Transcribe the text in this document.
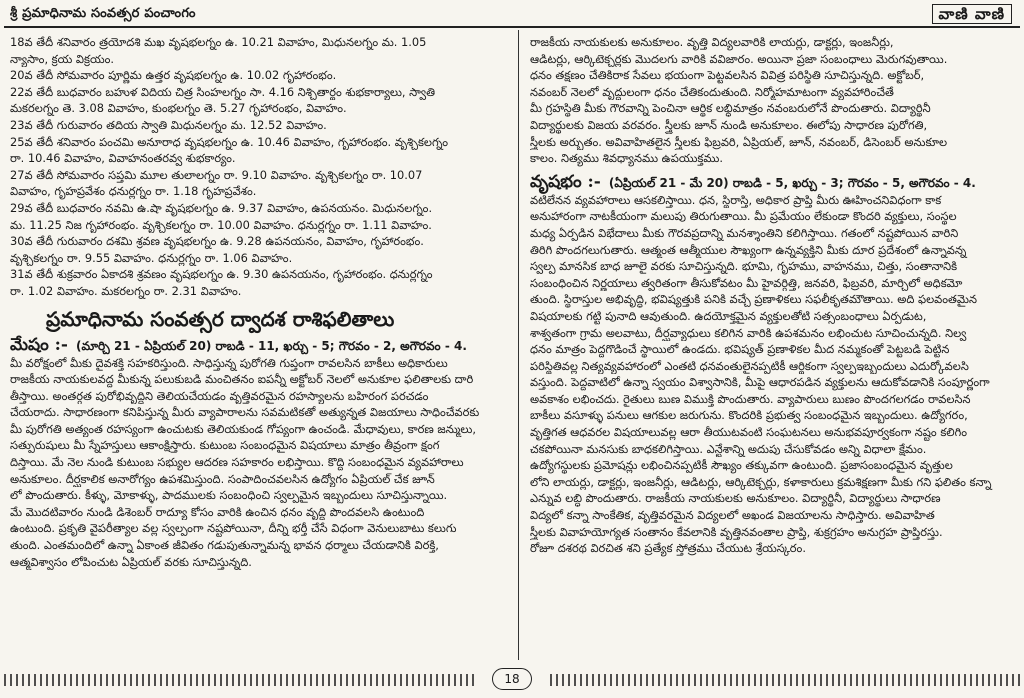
శ్రీ ప్రమాధినామ సంవత్సర పంచాంగం	వాణి వాణి
18వ తేదీ శనివారం త్రయోదశి మఖ వృషభలగ్నం ఉ. 10.21 వివాహం, మిధునలగ్నం మ. 1.05
న్యాసాం, క్రయ విక్రయం.
20వ తేదీ సోమవారం పూర్ణిమ ఉత్తర వృషభలగ్నం ఉ. 10.02 గృహారంభం.
22వ తేదీ బుధవారం బహుళ విదియ చిత్ర సింహలగ్నం సా. 4.16 నిశ్చితార్థం శుభకార్యాలు, స్వాతి
మకరలగ్నం తె. 3.08 వివాహం, కుంభలగ్నం తె. 5.27 గృహారంభం, వివాహం.
23వ తేదీ గురువారం తదియ స్వాతి మిధునలగ్నం మ. 12.52 వివాహం.
25వ తేదీ శనివారం పంచమి అనూరాధ వృషభలగ్నం ఉ. 10.46 వివాహం, గృహారంభం. వృశ్చికలగ్నం
రా. 10.46 వివాహం, వివాహనంతరవ్వ శుభకార్యం.
27వ తేదీ సోమవారం సప్తమి మూల తులాలగ్నం రా. 9.10 వివాహం. వృశ్చికలగ్నం రా. 10.07
వివాహం, గృహప్రవేశం ధనుర్లగ్నం రా. 1.18 గృహప్రవేశం.
29వ తేదీ బుధవారం నవమి ఉ.షా వృషభలగ్నం ఉ. 9.37 వివాహం, ఉపనయనం. మిధునలగ్నం.
మ. 11.25 నిజ గృహారంభం. వృశ్చికలగ్నం రా. 10.00 వివాహం. ధనుర్లగ్నం రా. 1.11 వివాహం.
30వ తేదీ గురువారం దశమి శ్రవణ వృషభలగ్నం ఉ. 9.28 ఉపనయనం, వివాహం, గృహారంభం.
వృశ్చికలగ్నం రా. 9.55 వివాహం. ధనుర్లగ్నం రా. 1.06 వివాహం.
31వ తేదీ శుక్రవారం ఏకాదశి శ్రవణం వృషభలగ్నం ఉ. 9.30 ఉపనయనం, గృహారంభం. ధనుర్లగ్నం
రా. 1.02 వివాహం. మకరలగ్నం రా. 2.31 వివాహం.
ప్రమాధినామ సంవత్సర ద్వాదశ రాశిఫలితాలు
మేషం :- (మార్చి 21 - ఏప్రియల్ 20) రాబడి - 11, ఖర్చు - 5; గౌరవం - 2, అగౌరవం - 4.
మీ వరోక్షంలో మీకు దైవశక్తి సహకరిస్తుంది. సాధిస్తున్న పురోగతి గుప్తంగా రావలసిన బాకీలు అధికారులు
రాజకీయ నాయకులవద్ద మీకున్న పలుకుబడి మంచితనం ఐపన్నీ అక్టోబర్ నెలలో అనుకూల ఫలితాలకు దారి
తీస్తాయి. అంతర్గత పురోభివృద్ధిని తెలియచేయడం వృత్తివరమైన రహస్యాలను బహిరంగ పరచడం
చేయరాదు. సాధారణంగా కనిపిస్తున్న మీరు వ్యాపారాలను సవమటికతో అత్యున్నత విజయాలు సాధించేవరకు
మీ పురోగతి అత్యంత రహస్యంగా ఉంచుటకు తెలియకుండ గోప్యంగా ఉంచండి. మేధావులు, కారణ జన్ములు,
సత్పురుషులు మీ స్నేహస్తులు ఆకాంక్షిస్తారు. కుటుంబ సంబంధమైన విషయాలు మాత్రం తీవ్రంగా క్షంగ
దిస్తాయి. మే నెల నుండి కుటుంబ సభ్యుల ఆదరణ సహకారం లభిస్తాయి. కొద్ది సంబంధమైన వ్యవహారాలు
అనుకూలం. దీర్ఘకాలిక అనారోగ్యం ఉపశమిస్తుంది. సంపాదించవలసిన ఉద్యోగం ఏప్రియల్ చేక జూన్
లో పొందుతారు. కీళ్ళు, మోకాళ్ళు, పాదములకు సంబంధించి స్వల్పమైన ఇబ్బందులు సూచిస్తున్నాయి.
మే మొదటివారం నుండి డిశెంబర్ రాద్యూ కోసం వారికి ఉంచిన ధనం వృద్ధి పొందవలసి ఉంటుంది
ఉంటుంది. ప్రకృతి వైపరీత్యాల వల్ల స్వల్పంగా నష్టపోయినా, దీన్ని భర్తీ చేసే విధంగా వెనులుబాటు కలుగు
తుంది. ఎంతమందిలో ఉన్నా ఏకాంత జీవితం గడుపుతున్నామన్న భావన ధర్మాలు చేయడానికి విరక్తి,
ఆత్మవిశ్వాసం లోపించుట ఏప్రియల్ వరకు సూచిస్తున్నది.
రాజకీయ నాయకులకు అనుకూలం. వృత్తి విద్యలవారికి లాయర్లు, డాక్టర్లు, ఇంజనీర్లు,
ఆడిటర్లు, ఆర్కిటెక్చర్లకు మొదలగు వారికి వవిజారం. అయినా ప్రజా సంబంధాలు మెరుగవుతాయి.
ధనం తక్షణం చేతికిరాక సేవలు భయంగా పెట్టవలసిన వివిత్ర పరిస్థితి సూచిస్తున్నది. అక్టోబర్,
నవంబర్ నెలలో వృద్ధులంగా ధనం చేతికందుతుంది. నిర్మోహమాటంగా వ్యవహారించేతే
మీ గ్రహస్థితి మీకు గౌరవాన్ని పెంచినా ఆర్థిక లభ్ధిమాత్రం నవంబరులోనే పొందుతారు. విద్యార్థినీ
విద్యార్థులకు విజయ వరవరం. స్త్రీలకు జూన్ నుండి అనుకూలం. ఈలోపు సాధారణ పురోగతి,
స్త్రీలకు అర్భుతం. అవివాహితలైన స్త్రీలకు ఫిబ్రవరి, ఏప్రియల్, జూన్, నవంబర్, డిసెంబర్ అనుకూల
కాలం. నిత్యము శివధ్యానము ఉపయుక్తము.
వృషభం :- (ఏప్రియల్ 21 - మే 20) రాబడి - 5, ఖర్చు - 3; గౌరవం - 5, అగౌరవం - 4.
వటిలేనన వ్యవహారాలు ఆసకలిస్తాయి. ధన, స్థిరాస్తి, అధికార ప్రాప్తి మీరు ఊహించనివిధంగా కాక
అనుహారంగా నాటకీయంగా మలుపు తిరుగుతాయి. మీ ప్రమేయం లేకుండా కొందరి వ్యక్తులు, సంస్థల
మధ్య ఏర్పడిన విభేదాలు మీకు గౌరవప్రదాన్ని మనశ్శాంతిని కలిగిస్తాయి. గతంలో నష్టపోయిన వారిని
తిరిగి పొందగలుగుతారు. ఆత్మంత ఆత్మీయుల సౌఖ్యంగా ఉన్నవ్యక్తిని మీకు దూర ప్రదేశంలో ఉన్నావన్న
స్వల్ప మానసిక బాధ జూలై వరకు సూచిస్తున్నది. భూమి, గృహము, వాహనము, చిత్తు, సంతానానికి
సంబంధించిన నిర్ణయాలు త్వరితంగా తీసుకోవటం మీ హైవర్గిత్తి, జనవరి, ఫిబ్రవరి, మార్చిలో అధికమో
తుంది. స్థిరాస్తుల అభివృద్ధి, భవిష్యత్తుకి పనికి వచ్చే ప్రణాళికలు సఫలీకృతమౌతాయి. అది ఫలవంతమైన
విషయాలకు గట్టి పునాది ఆవుతుంది. ఉదయోక్తమైన వ్యక్తులతోటి సత్సంబంధాలు ఏర్పడుట,
శాశ్వతంగా గ్రామ అలవాటు, దీర్ఘవ్యాధులు కలిగిన వారికి ఉపశమనం లభించుట సూచించున్నది. నిల్వ
ధనం మాత్రం పెద్దగొడించే స్థాయిలో ఉండదు. భవిష్యత్ ప్రణాళికల మీద నమ్మకంతో పెట్టబడి పెట్టిన
పరిస్థితివల్ల నిత్యవ్యవహారంలో ఎంతటి ధనవంతులైనప్పటికీ ఆర్థికంగా స్వల్పఇబ్బందులు ఎదుర్కోవలసి
వస్తుంది. పెద్దవాటిలో ఉన్నా స్వయం విశ్వాసానికి, మీపై ఆధారపడిన వ్యక్తులను ఆదుకోవడానికి సంపూర్ణంగా
అవకాశం లభించదు. రైతులు బుణ విముక్తి పొందుతారు. వ్యాపారులు బుణం పొందగలగడం రావలసిన
బాకీలు వసూళ్ళు పనులు ఆగకుల జరుగును. కొందరికి ప్రభుత్వ సంబంధమైన ఇబ్బందులు. ఉద్యోగరం,
వృత్తిగత ఆధవరల విషయాలువల్ల ఆరా తీయుటవంటి సంఘటనలు అనుభవపూర్వకంగా నష్టం కలిగిం
చకపోయినా మనసుకు బాధకలిగిస్తాయి. ఎన్టేశాన్ని అదుపు చేసుకోవడం అన్ని విధాలా క్షేమం.
ఉద్యోగస్థులకు ప్రమోషన్లు లభించినప్పటికీ సౌఖ్యం తక్కువగా ఉంటుంది. ప్రజాసంబంధమైన వృత్తుల
లోని లాయర్లు, డాక్టర్లు, ఇంజనీర్లు, ఆడిటర్లు, ఆర్కిటెక్చర్లు, కళాకారులు క్రమశిక్షణగా మీకు గని ఫలితం కన్నా
ఎన్నువ లబ్ధి పొందుతారు. రాజకీయ నాయకులకు అనుకూలం. విద్యార్థినీ, విద్యార్థులు సాధారణ
విద్యలో కన్నా సాంకేతిక, వృత్తివరమైన విద్యలలో అఖండ విజయాలను సాధిస్తారు. అవివాహిత
స్త్రీలకు వివాహయోగ్యత సంతానం కేవలానికి వృత్తినవంతాల ప్రాప్తి, శుక్రగ్రహం అనుగ్రహ ప్రాప్తిరస్తు.
రోజూ దశరథ విరచిత శని ప్రత్యేక స్తోత్రము చేయుట శ్రేయస్కరం.
18
